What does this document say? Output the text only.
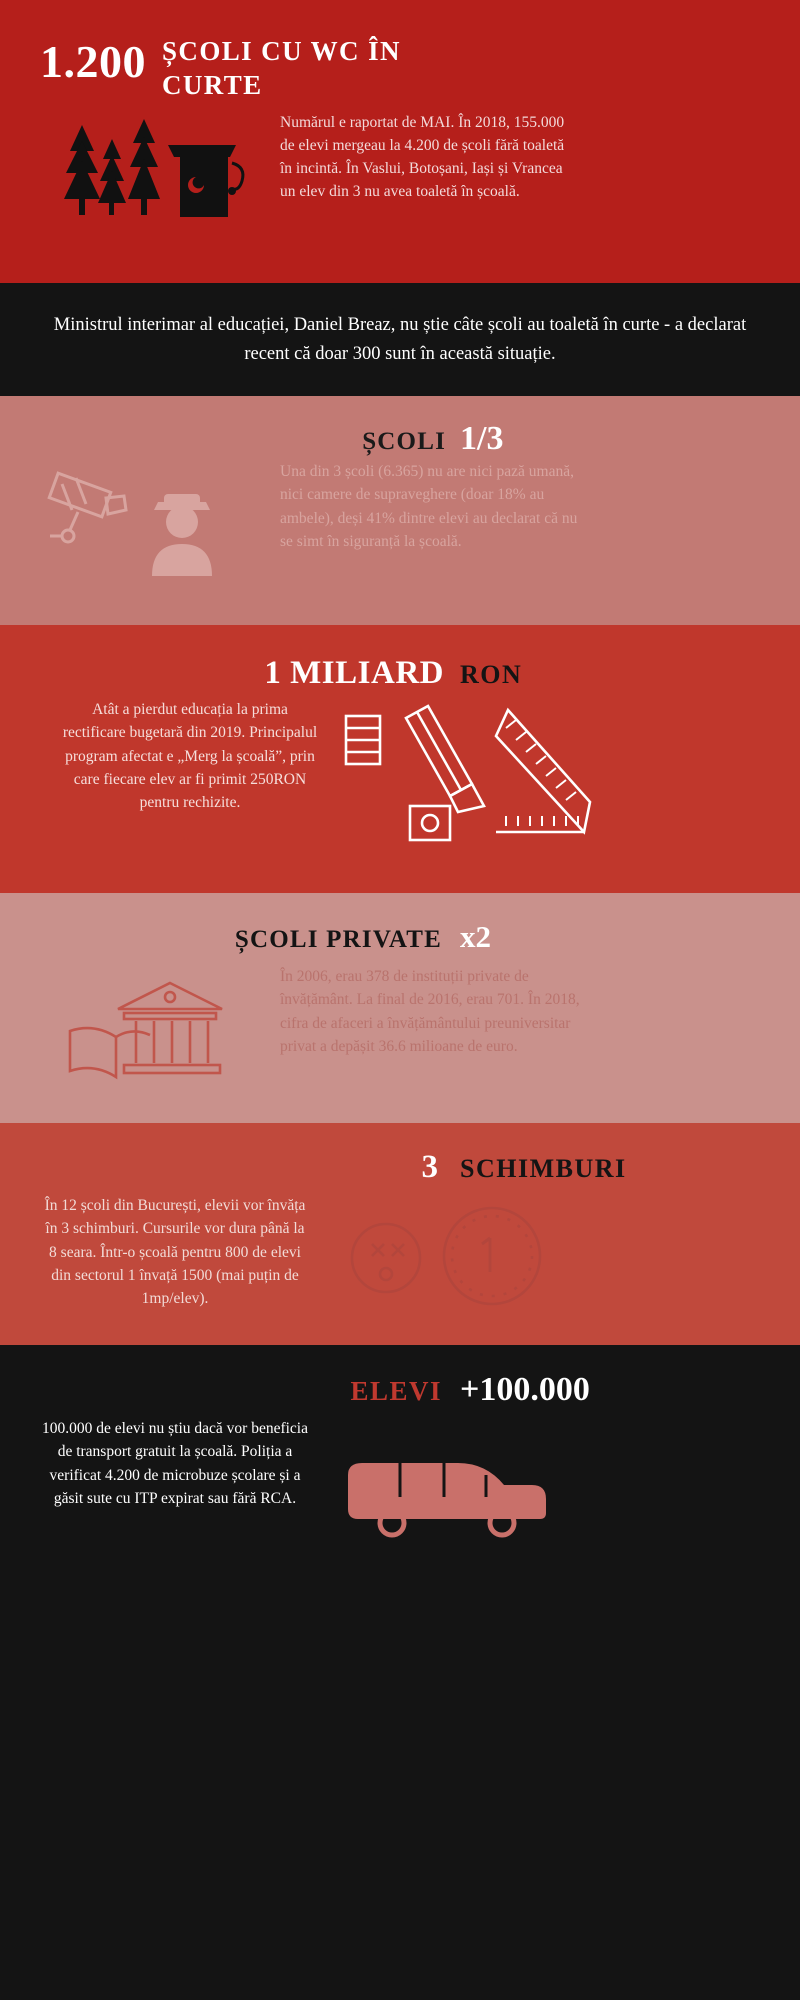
1.200 ȘCOLI CU WC ÎN CURTE
Numărul e raportat de MAI. În 2018, 155.000 de elevi mergeau la 4.200 de școli fără toaletă în incintă. În Vaslui, Botoșani, Iași și Vrancea un elev din 3 nu avea toaletă în școală.
Ministrul interimar al educației, Daniel Breaz, nu știe câte școli au toaletă în curte - a declarat recent că doar 300 sunt în această situație.
ȘCOLI 1/3
Una din 3 școli (6.365) nu are nici pază umană, nici camere de supraveghere (doar 18% au ambele), deși 41% dintre elevi au declarat că nu se simt în siguranță la școală.
1 MILIARD RON
Atât a pierdut educația la prima rectificare bugetară din 2019. Principalul program afectat e „Merg la școală”, prin care fiecare elev ar fi primit 250RON pentru rechizite.
ȘCOLI PRIVATE x2
În 2006, erau 378 de instituții private de învățământ. La final de 2016, erau 701. În 2018, cifra de afaceri a învățământului preuniversitar privat a depășit 36.6 milioane de euro.
3 SCHIMBURI
În 12 școli din București, elevii vor învăța în 3 schimburi. Cursurile vor dura până la 8 seara. Într-o școală pentru 800 de elevi din sectorul 1 învață 1500 (mai puțin de 1mp/elev).
ELEVI +100.000
100.000 de elevi nu știu dacă vor beneficia de transport gratuit la școală. Poliția a verificat 4.200 de microbuze școlare și a găsit sute cu ITP expirat sau fără RCA.
